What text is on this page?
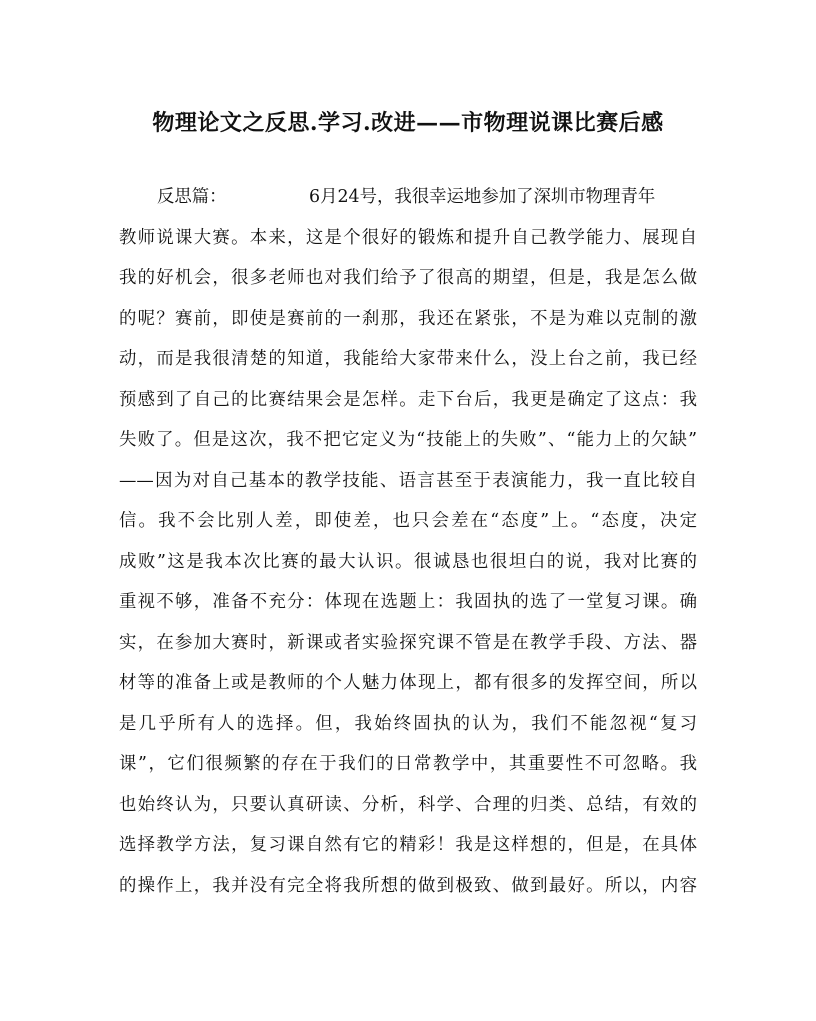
物理论文之反思.学习.改进——市物理说课比赛后感
反思篇：	6月24号，我很幸运地参加了深圳市物理青年
教师说课大赛。本来，这是个很好的锻炼和提升自己教学能力、展现自
我的好机会，很多老师也对我们给予了很高的期望，但是，我是怎么做
的呢？赛前，即使是赛前的一刹那，我还在紧张，不是为难以克制的激
动，而是我很清楚的知道，我能给大家带来什么，没上台之前，我已经
预感到了自己的比赛结果会是怎样。走下台后，我更是确定了这点：我
失败了。但是这次，我不把它定义为“技能上的失败”、“能力上的欠缺”
——因为对自己基本的教学技能、语言甚至于表演能力，我一直比较自
信。我不会比别人差，即使差，也只会差在“态度”上。“态度，决定
成败”这是我本次比赛的最大认识。很诚恳也很坦白的说，我对比赛的
重视不够，准备不充分：体现在选题上：我固执的选了一堂复习课。确
实，在参加大赛时，新课或者实验探究课不管是在教学手段、方法、器
材等的准备上或是教师的个人魅力体现上，都有很多的发挥空间，所以
是几乎所有人的选择。但，我始终固执的认为，我们不能忽视“复习
课”，它们很频繁的存在于我们的日常教学中，其重要性不可忽略。我
也始终认为，只要认真研读、分析，科学、合理的归类、总结，有效的
选择教学方法，复习课自然有它的精彩！我是这样想的，但是，在具体
的操作上，我并没有完全将我所想的做到极致、做到最好。所以，内容
